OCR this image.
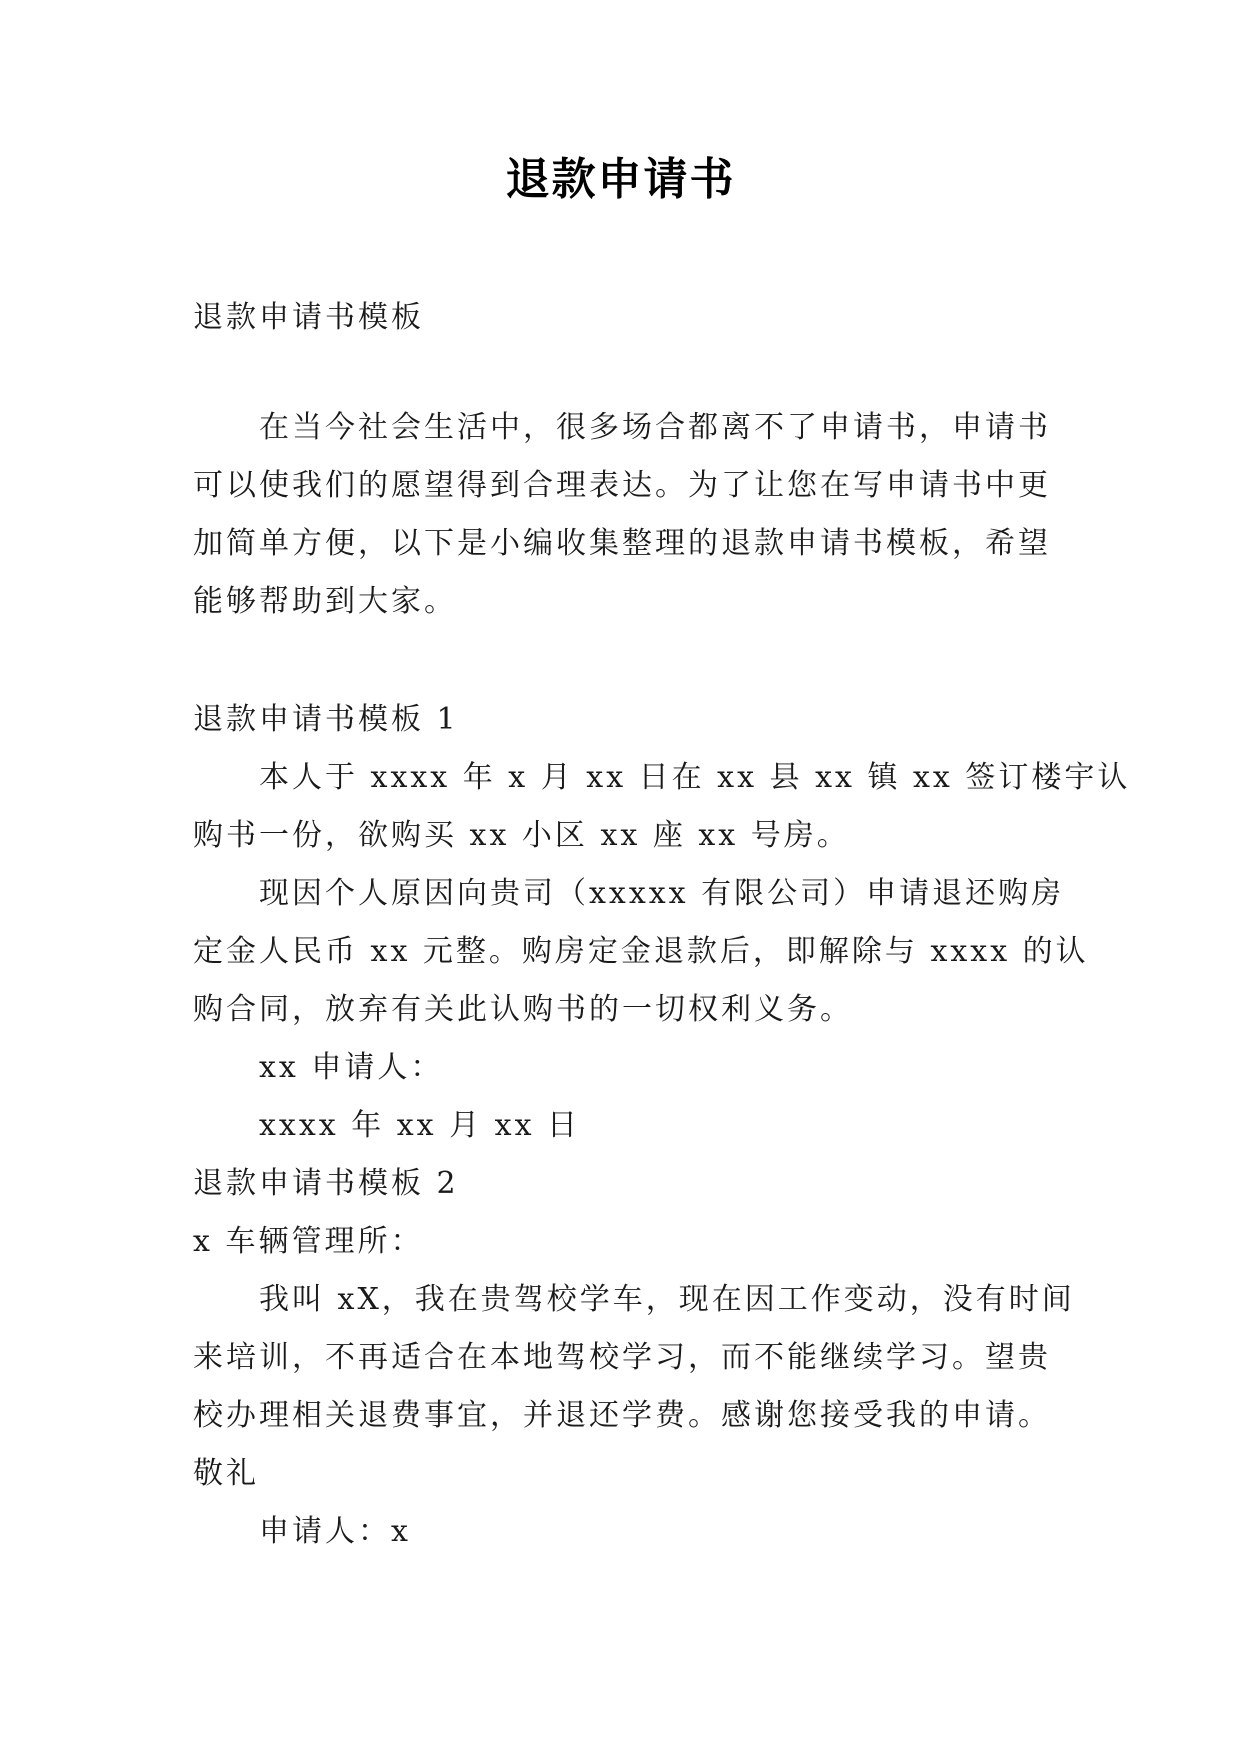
退款申请书
退款申请书模板
在当今社会生活中，很多场合都离不了申请书，申请书
可以使我们的愿望得到合理表达。为了让您在写申请书中更
加简单方便，以下是小编收集整理的退款申请书模板，希望
能够帮助到大家。
退款申请书模板 1
本人于 xxxx 年 x 月 xx 日在 xx 县 xx 镇 xx 签订楼宇认
购书一份，欲购买 xx 小区 xx 座 xx 号房。
现因个人原因向贵司（xxxxx 有限公司）申请退还购房
定金人民币 xx 元整。购房定金退款后，即解除与 xxxx 的认
购合同，放弃有关此认购书的一切权利义务。
xx 申请人：
xxxx 年 xx 月 xx 日
退款申请书模板 2
x 车辆管理所：
我叫 xX，我在贵驾校学车，现在因工作变动，没有时间
来培训，不再适合在本地驾校学习，而不能继续学习。望贵
校办理相关退费事宜，并退还学费。感谢您接受我的申请。
敬礼
申请人：x
